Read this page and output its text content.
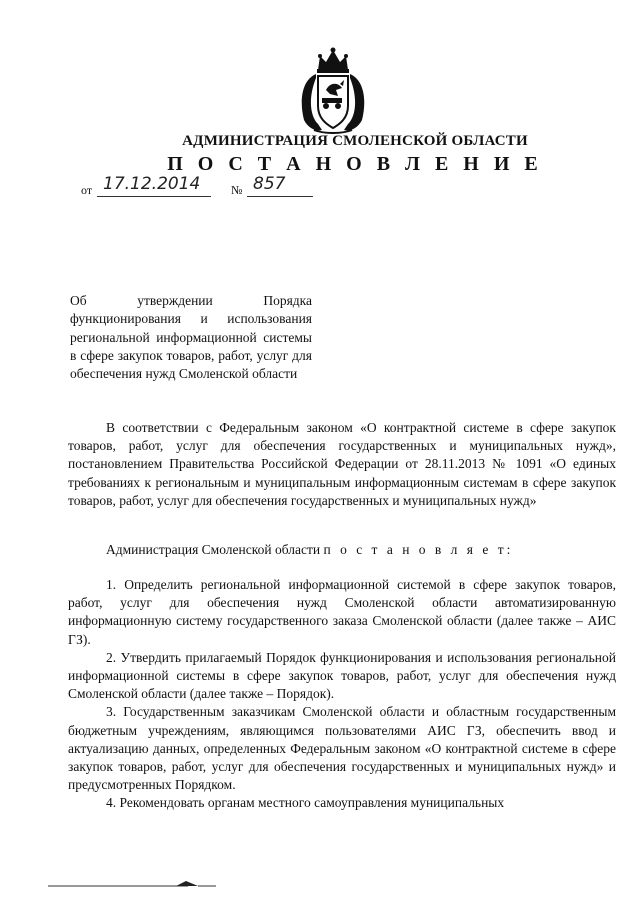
АДМИНИСТРАЦИЯ СМОЛЕНСКОЙ ОБЛАСТИ
П О С Т А Н О В Л Е Н И Е
от 17.12.2014	№ 857
Об утверждении Порядка функционирования и использования региональной информационной системы в сфере закупок товаров, работ, услуг для обеспечения нужд Смоленской области

В соответствии с Федеральным законом «О контрактной системе в сфере закупок товаров, работ, услуг для обеспечения государственных и муниципальных нужд», постановлением Правительства Российской Федерации от 28.11.2013 № 1091 «О единых требованиях к региональным и муниципальным информационным системам в сфере закупок товаров, работ, услуг для обеспечения государственных и муниципальных нужд»

Администрация Смоленской области п о с т а н о в л я е т:

1. Определить региональной информационной системой в сфере закупок товаров, работ, услуг для обеспечения нужд Смоленской области автоматизированную информационную систему государственного заказа Смоленской области (далее также – АИС ГЗ).

2. Утвердить прилагаемый Порядок функционирования и использования региональной информационной системы в сфере закупок товаров, работ, услуг для обеспечения нужд Смоленской области (далее также – Порядок).

3. Государственным заказчикам Смоленской области и областным государственным бюджетным учреждениям, являющимся пользователями АИС ГЗ, обеспечить ввод и актуализацию данных, определенных Федеральным законом «О контрактной системе в сфере закупок товаров, работ, услуг для обеспечения государственных и муниципальных нужд» и предусмотренных Порядком.

4. Рекомендовать органам местного самоуправления муниципальных
